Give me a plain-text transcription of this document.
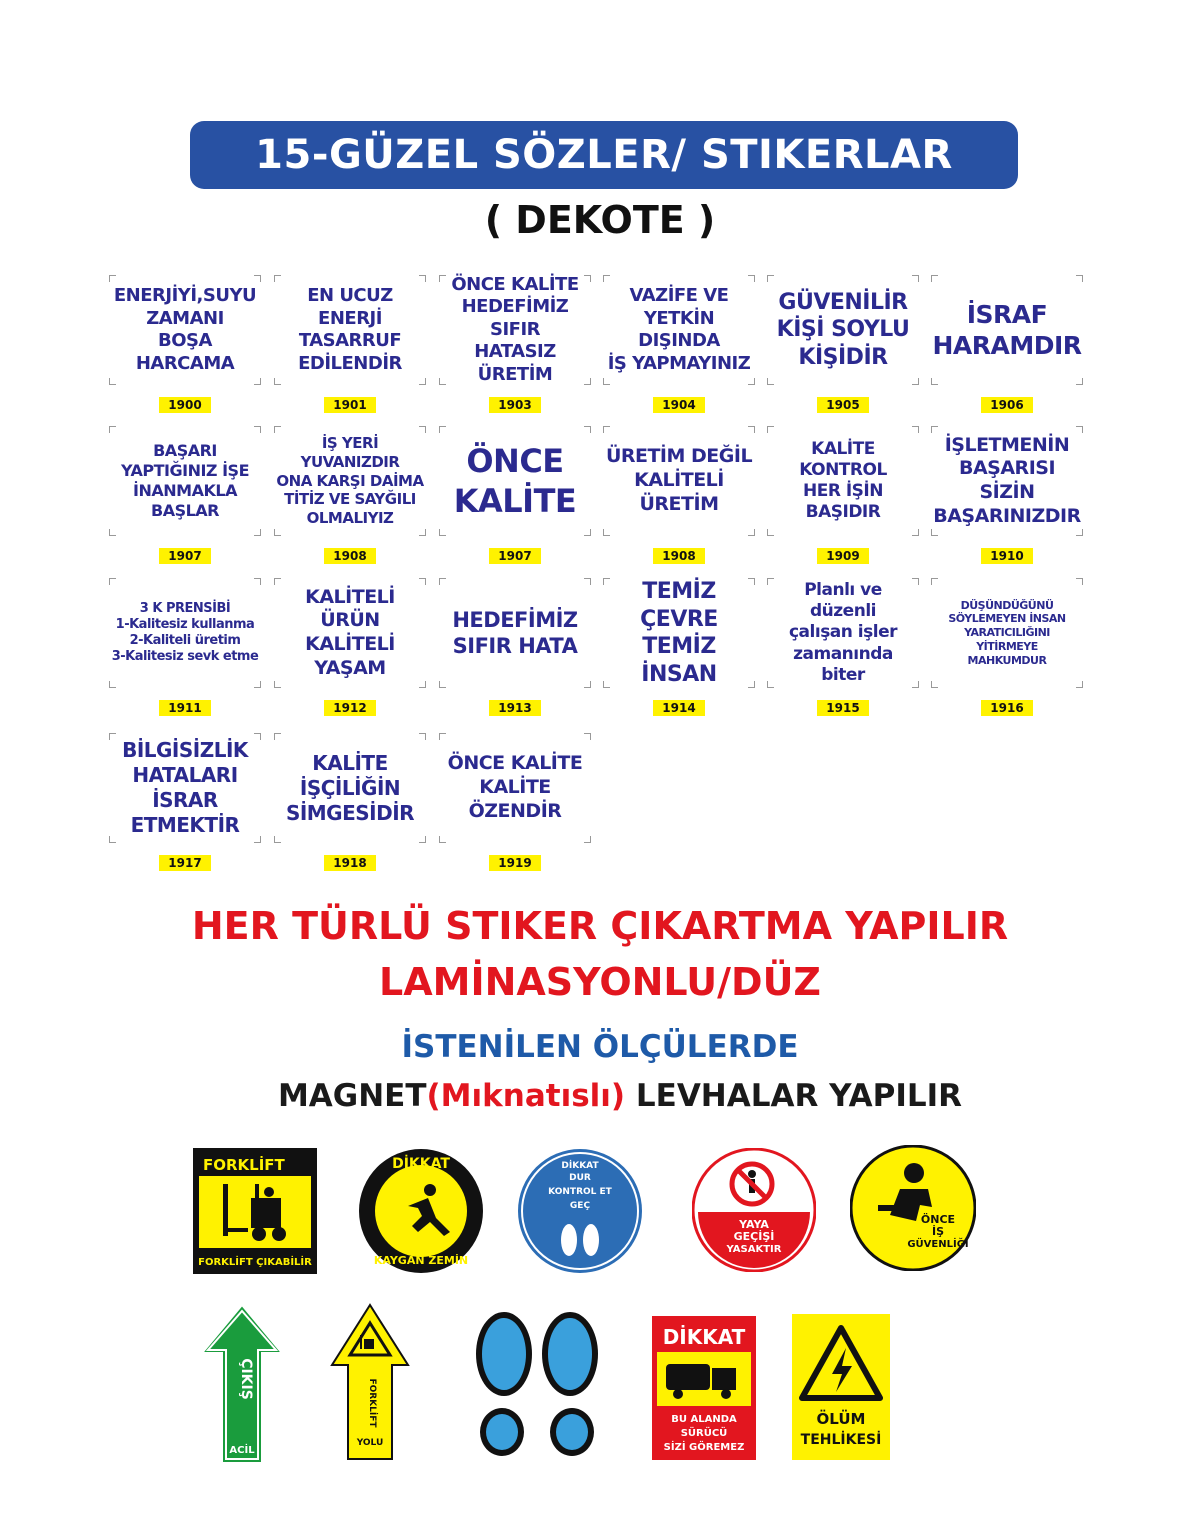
15-GÜZEL SÖZLER/ STIKERLAR
( DEKOTE )
ENERJİYİ,SUYU
ZAMANI
BOŞA HARCAMA
1900
EN UCUZ ENERJİ
TASARRUF
EDİLENDİR
1901
ÖNCE KALİTE
HEDEFİMİZ SIFIR
HATASIZ ÜRETİM
1903
VAZİFE VE
YETKİN DIŞINDA
İŞ YAPMAYINIZ
1904
GÜVENİLİR
KİŞİ SOYLU
KİŞİDİR
1905
İSRAF
HARAMDIR
1906
BAŞARI
YAPTIĞINIZ İŞE
İNANMAKLA BAŞLAR
1907
İŞ YERİ YUVANIZDIR
ONA KARŞI DAİMA
TİTİZ VE SAYĞILI
OLMALIYIZ
1908
ÖNCE
KALİTE
1907
ÜRETİM DEĞİL
KALİTELİ
ÜRETİM
1908
KALİTE KONTROL
HER İŞİN
BAŞIDIR
1909
İŞLETMENİN
BAŞARISI SİZİN
BAŞARINIZDIR
1910
3 K PRENSİBİ
1-Kalitesiz kullanma
2-Kaliteli üretim
3-Kalitesiz sevk etme
1911
KALİTELİ ÜRÜN
KALİTELİ YAŞAM
1912
HEDEFİMİZ
SIFIR HATA
1913
TEMİZ ÇEVRE
TEMİZ İNSAN
1914
Planlı ve düzenli
çalışan işler
zamanında biter
1915
DÜŞÜNDÜĞÜNÜ
SÖYLEMEYEN İNSAN
YARATICILIĞINI
YİTİRMEYE
MAHKUMDUR
1916
BİLGİSİZLİK
HATALARI İSRAR
ETMEKTİR
1917
KALİTE
İŞÇİLİĞİN
SİMGESİDİR
1918
ÖNCE KALİTE
KALİTE ÖZENDİR
1919
HER TÜRLÜ STIKER ÇIKARTMA YAPILIR
LAMİNASYONLU/DÜZ
İSTENİLEN ÖLÇÜLERDE
MAGNET(Mıknatıslı) LEVHALAR YAPILIR
FORKLİFT
FORKLİFT ÇIKABİLİR
DİKKAT
KAYGAN ZEMİN
DİKKAT
DUR
KONTROL ET
GEÇ
YAYA
GEÇİŞİ
YASAKTIR
ÖNCE
İŞ
GÜVENLİĞİ
ÇIKIŞ
ACİL
FORKLİFT
YOLU
DİKKAT
BU ALANDA
SÜRÜCÜ
SİZİ GÖREMEZ
ÖLÜM
TEHLİKESİ
